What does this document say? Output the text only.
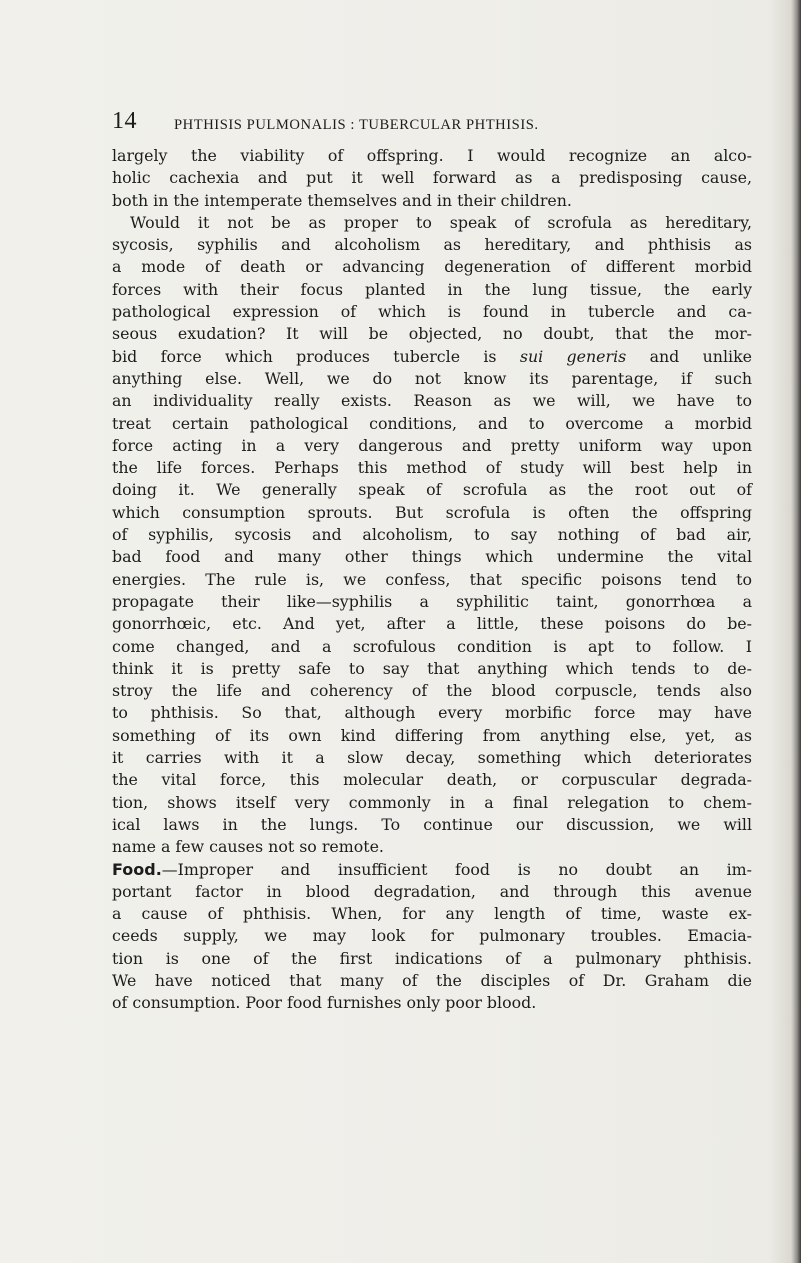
14	PHTHISIS PULMONALIS : TUBERCULAR PHTHISIS.
largely the viability of offspring. I would recognize an alco-
holic cachexia and put it well forward as a predisposing cause,
both in the intemperate themselves and in their children.
Would it not be as proper to speak of scrofula as hereditary,
sycosis, syphilis and alcoholism as hereditary, and phthisis as
a mode of death or advancing degeneration of different morbid
forces with their focus planted in the lung tissue, the early
pathological expression of which is found in tubercle and ca-
seous exudation? It will be objected, no doubt, that the mor-
bid force which produces tubercle is sui generis and unlike
anything else. Well, we do not know its parentage, if such
an individuality really exists. Reason as we will, we have to
treat certain pathological conditions, and to overcome a morbid
force acting in a very dangerous and pretty uniform way upon
the life forces. Perhaps this method of study will best help in
doing it. We generally speak of scrofula as the root out of
which consumption sprouts. But scrofula is often the offspring
of syphilis, sycosis and alcoholism, to say nothing of bad air,
bad food and many other things which undermine the vital
energies. The rule is, we confess, that specific poisons tend to
propagate their like—syphilis a syphilitic taint, gonorrhœa a
gonorrhœic, etc. And yet, after a little, these poisons do be-
come changed, and a scrofulous condition is apt to follow. I
think it is pretty safe to say that anything which tends to de-
stroy the life and coherency of the blood corpuscle, tends also
to phthisis. So that, although every morbific force may have
something of its own kind differing from anything else, yet, as
it carries with it a slow decay, something which deteriorates
the vital force, this molecular death, or corpuscular degrada-
tion, shows itself very commonly in a final relegation to chem-
ical laws in the lungs. To continue our discussion, we will
name a few causes not so remote.
Food.—Improper and insufficient food is no doubt an im-
portant factor in blood degradation, and through this avenue
a cause of phthisis. When, for any length of time, waste ex-
ceeds supply, we may look for pulmonary troubles. Emacia-
tion is one of the first indications of a pulmonary phthisis.
We have noticed that many of the disciples of Dr. Graham die
of consumption. Poor food furnishes only poor blood.
